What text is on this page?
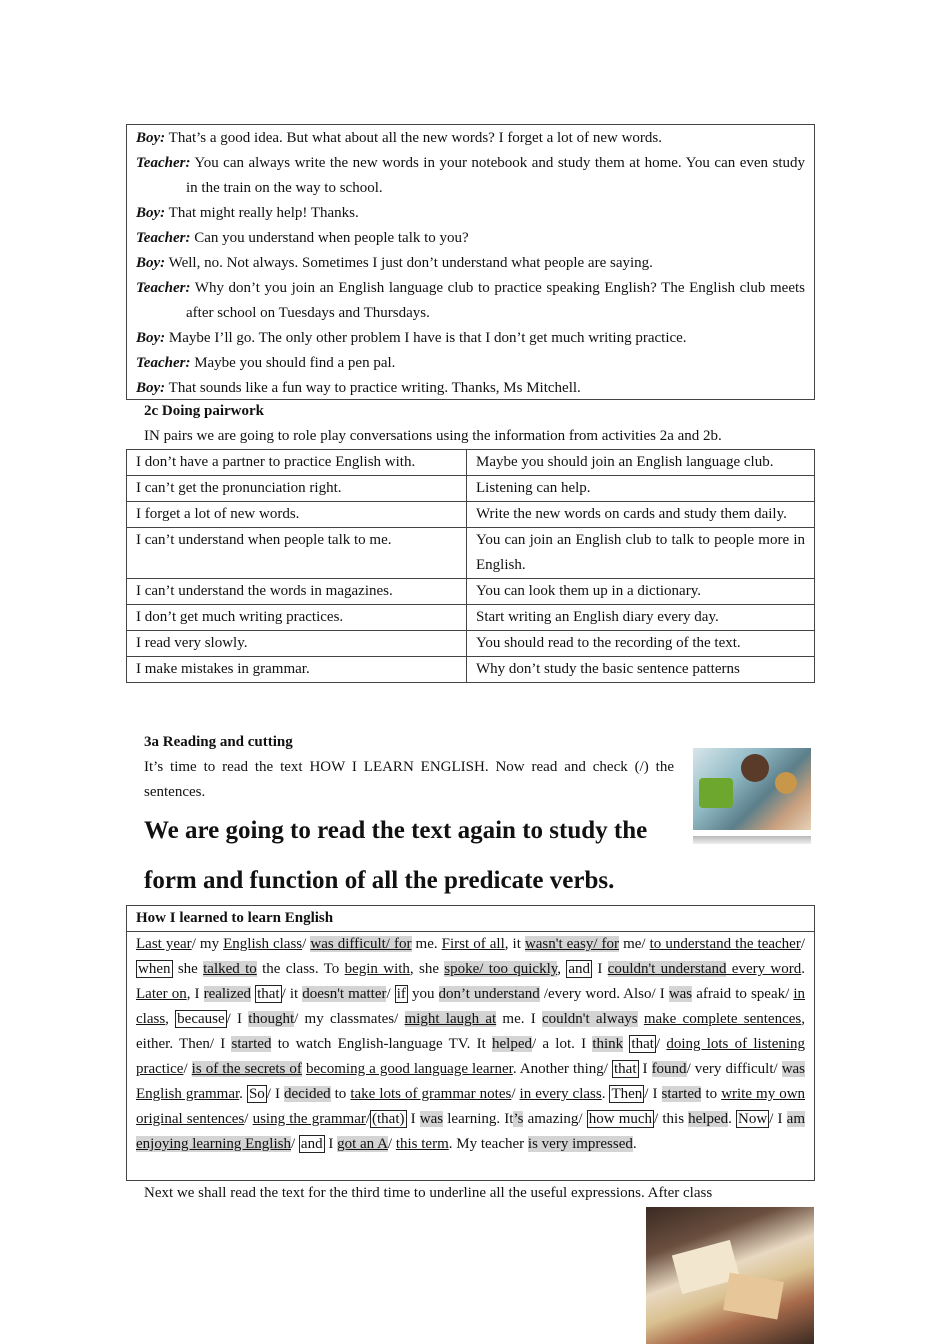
Boy: That’s a good idea. But what about all the new words? I forget a lot of new words.

Teacher: You can always write the new words in your notebook and study them at home. You can even study in the train on the way to school.

Boy: That might really help! Thanks.

Teacher: Can you understand when people talk to you?

Boy: Well, no. Not always. Sometimes I just don’t understand what people are saying.

Teacher: Why don’t you join an English language club to practice speaking English? The English club meets after school on Tuesdays and Thursdays.

Boy: Maybe I’ll go. The only other problem I have is that I don’t get much writing practice.

Teacher: Maybe you should find a pen pal.

Boy: That sounds like a fun way to practice writing. Thanks, Ms Mitchell.

2c Doing pairwork
IN pairs we are going to role play conversations using the information from activities 2a and 2b.
I don’t have a partner to practice English with.	Maybe you should join an English language club.
I can’t get the pronunciation right.	Listening can help.
I forget a lot of new words.	Write the new words on cards and study them daily.
I can’t understand when people talk to me.	You can join an English club to talk to people more in English.
I can’t understand the words in magazines.	You can look them up in a dictionary.
I don’t get much writing practices.	Start writing an English diary every day.
I read very slowly.	You should read to the recording of the text.
I make mistakes in grammar.	Why don’t study the basic sentence patterns
3a Reading and cutting
It’s time to read the text HOW I LEARN ENGLISH. Now read and check (/) the sentences.
We are going to read the text again to study the form and function of all the predicate verbs.
How I learned to learn English
Last year/ my English class/ was difficult/ for me. First of all, it wasn't easy/ for me/ to understand the teacher/ when she talked to the class. To begin with, she spoke/ too quickly, and I couldn't understand every word. Later on, I realized that / it doesn't matter/ if you don’t understand /every word. Also/ I was afraid to speak/ in class, because / I thought/ my classmates/ might laugh at me. I couldn't always make complete sentences, either. Then/ I started to watch English-language TV. It helped/ a lot. I think that / doing lots of listening practice/ is of the secrets of becoming a good language learner. Another thing/ that I found/ very difficult/ was English grammar. So / I decided to take lots of grammar notes/ in every class. Then / I started to write my own original sentences/ using the grammar/ (that) I was learning. It’s amazing/ how much / this helped. Now / I am enjoying learning English/ and I got an A/ this term. My teacher is very impressed.
Next we shall read the text for the third time to underline all the useful expressions. After class
